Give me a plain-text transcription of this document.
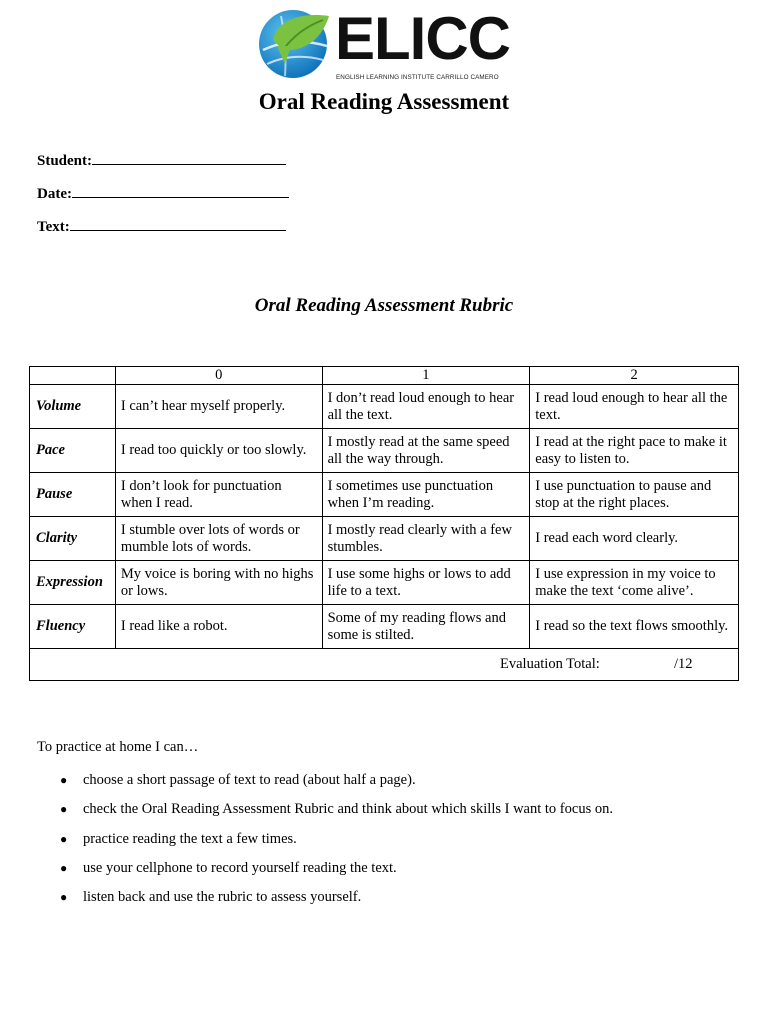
ELICC
ENGLISH LEARNING INSTITUTE CARRILLO CAMERO
Oral Reading Assessment
Student:
Date:
Text:
Oral Reading Assessment Rubric
	0	1	2
Volume	I can’t hear myself properly.	I don’t read loud enough to hear all the text.	I read loud enough to hear all the text.
Pace	I read too quickly or too slowly.	I mostly read at the same speed all the way through.	I read at the right pace to make it easy to listen to.
Pause	I don’t look for punctuation when I read.	I sometimes use punctuation when I’m reading.	I use punctuation to pause and stop at the right places.
Clarity	I stumble over lots of words or mumble lots of words.	I mostly read clearly with a few stumbles.	I read each word clearly.
Expression	My voice is boring with no highs or lows.	I use some highs or lows to add life to a text.	I use expression in my voice to make the text ‘come alive’.
Fluency	I read like a robot.	Some of my reading flows and some is stilted.	I read so the text flows smoothly.

Evaluation Total: /12			
To practice at home I can…
● choose a short passage of text to read (about half a page).
● check the Oral Reading Assessment Rubric and think about which skills I want to focus on.
● practice reading the text a few times.
● use your cellphone to record yourself reading the text.
● listen back and use the rubric to assess yourself.
